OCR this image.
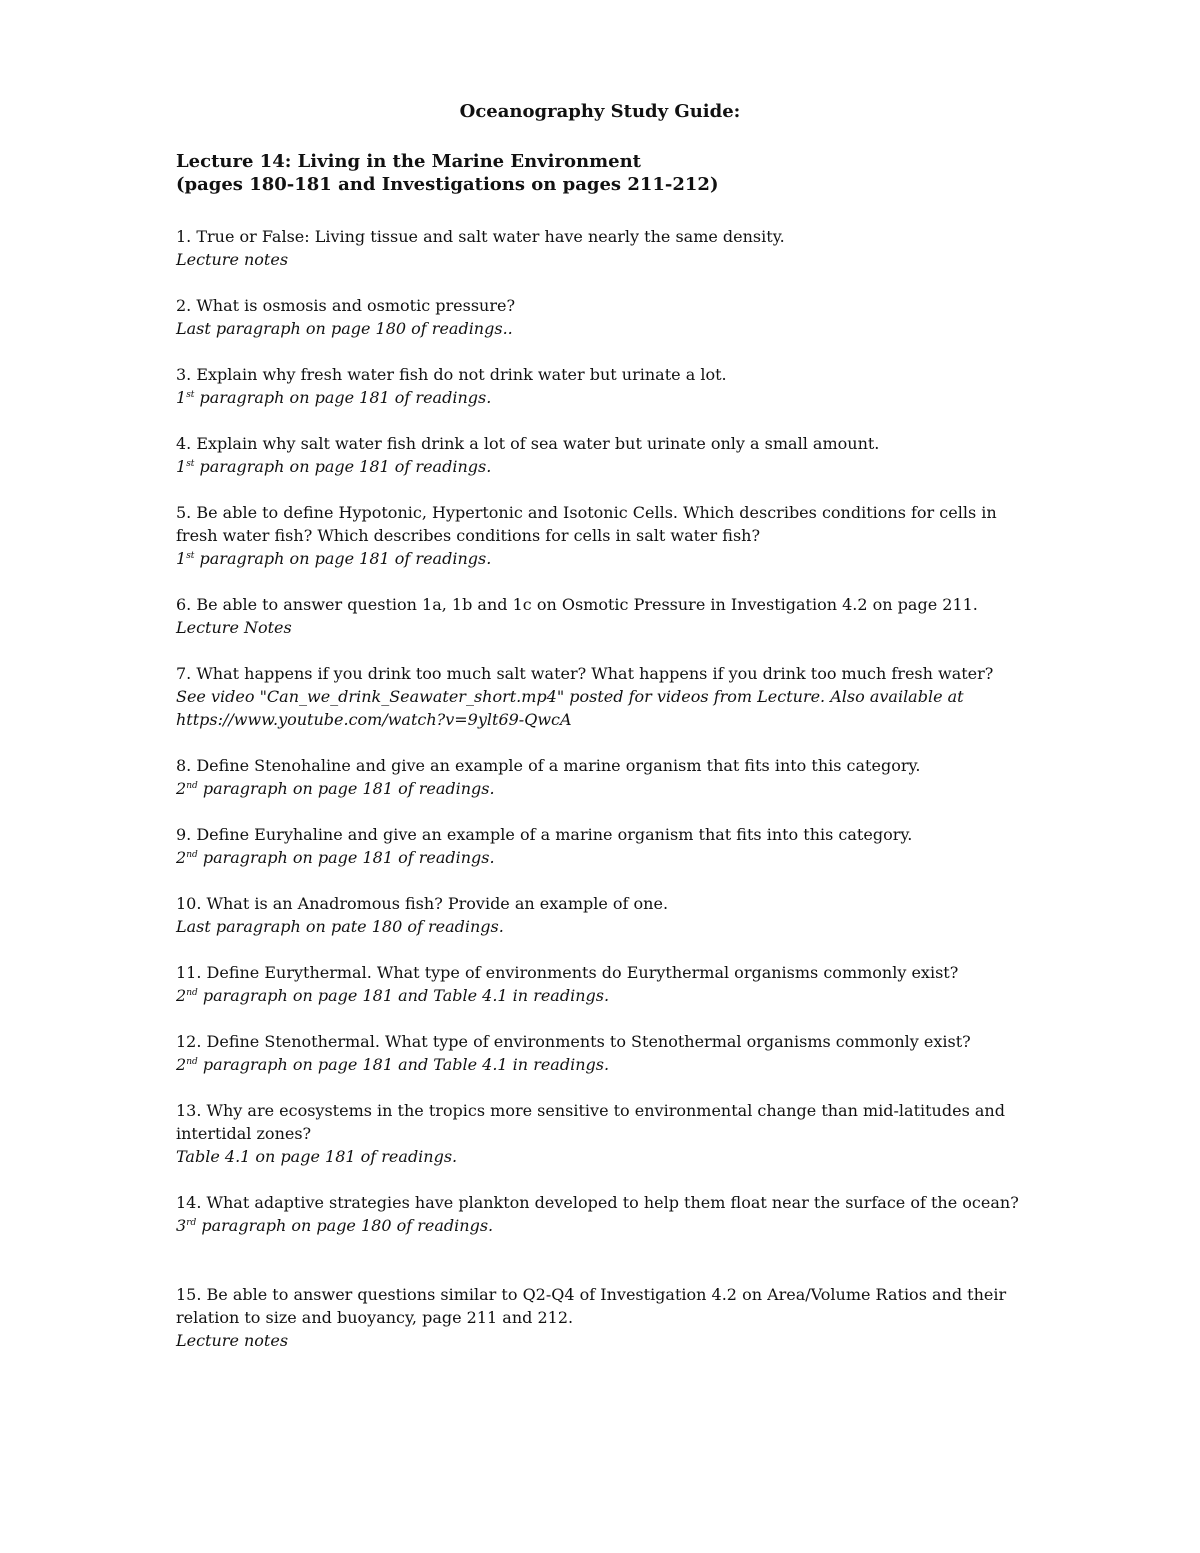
Oceanography Study Guide:
Lecture 14: Living in the Marine Environment
(pages 180-181 and Investigations on pages 211-212)
1. True or False: Living tissue and salt water have nearly the same density.
Lecture notes
2. What is osmosis and osmotic pressure?
Last paragraph on page 180 of readings..
3. Explain why fresh water fish do not drink water but urinate a lot.
1st paragraph on page 181 of readings.
4. Explain why salt water fish drink a lot of sea water but urinate only a small amount.
1st paragraph on page 181 of readings.
5. Be able to define Hypotonic, Hypertonic and Isotonic Cells. Which describes conditions for cells in fresh water fish? Which describes conditions for cells in salt water fish?
1st paragraph on page 181 of readings.
6. Be able to answer question 1a, 1b and 1c on Osmotic Pressure in Investigation 4.2 on page 211.
Lecture Notes
7. What happens if you drink too much salt water? What happens if you drink too much fresh water?
See video "Can_we_drink_Seawater_short.mp4" posted for videos from Lecture. Also available at https://www.youtube.com/watch?v=9ylt69-QwcA
8. Define Stenohaline and give an example of a marine organism that fits into this category.
2nd paragraph on page 181 of readings.
9. Define Euryhaline and give an example of a marine organism that fits into this category.
2nd paragraph on page 181 of readings.
10. What is an Anadromous fish? Provide an example of one.
Last paragraph on pate 180 of readings.
11. Define Eurythermal. What type of environments do Eurythermal organisms commonly exist?
2nd paragraph on page 181 and Table 4.1 in readings.
12. Define Stenothermal. What type of environments to Stenothermal organisms commonly exist?
2nd paragraph on page 181 and Table 4.1 in readings.
13. Why are ecosystems in the tropics more sensitive to environmental change than mid-latitudes and intertidal zones?
Table 4.1 on page 181 of readings.
14. What adaptive strategies have plankton developed to help them float near the surface of the ocean?
3rd paragraph on page 180 of readings.
15. Be able to answer questions similar to Q2-Q4 of Investigation 4.2 on Area/Volume Ratios and their relation to size and buoyancy, page 211 and 212.
Lecture notes
